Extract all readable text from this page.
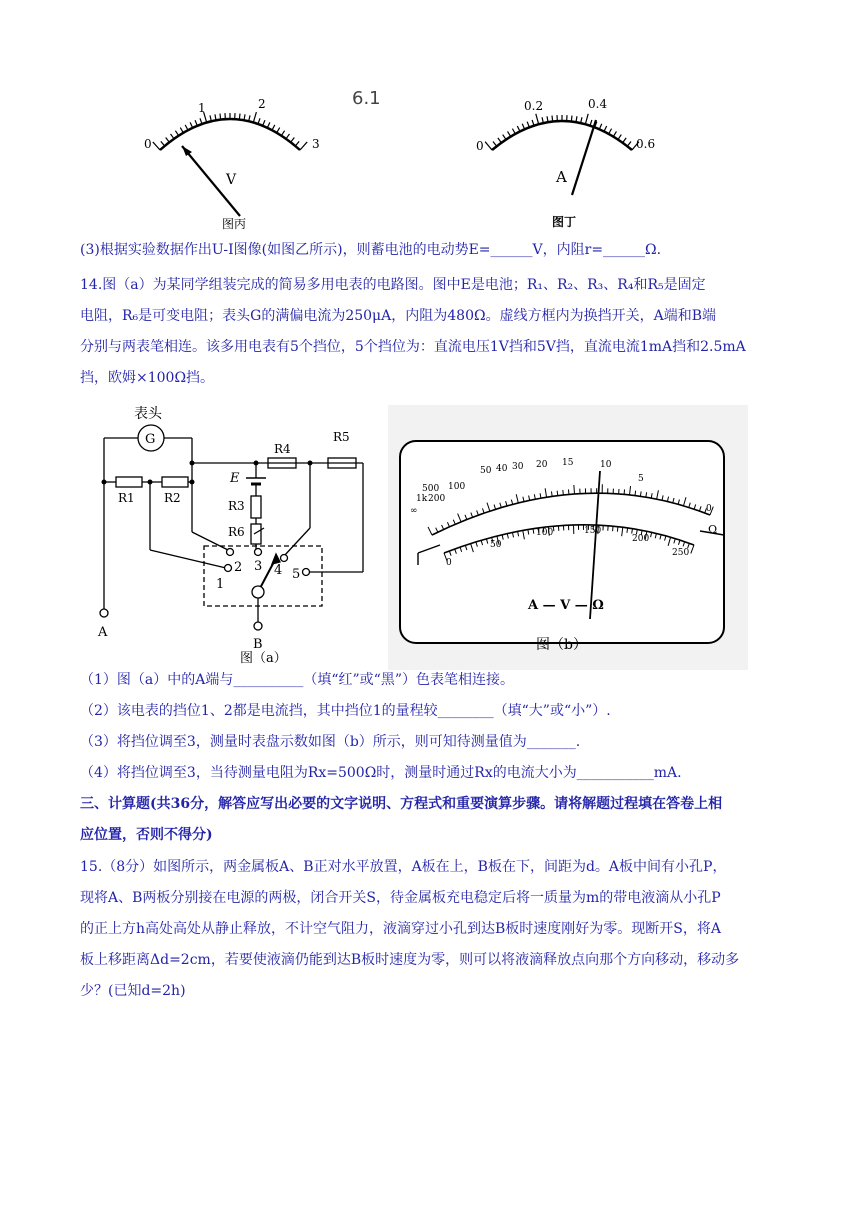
0
1	2
3
V
图丙
6.1
0
0.2	0.4
0.6
A
图丁
(3)根据实验数据作出U-I图像(如图乙所示)，则蓄电池的电动势E=______V，内阻r=______Ω.
14.图（a）为某同学组装完成的简易多用电表的电路图。图中E是电池；R₁、R₂、R₃、R₄和R₅是固定
电阻，R₆是可变电阻；表头G的满偏电流为250μA，内阻为480Ω。虚线方框内为换挡开关，A端和B端
分别与两表笔相连。该多用电表有5个挡位，5个挡位为：直流电压1V挡和5V挡，直流电流1mA挡和2.5mA
挡，欧姆×100Ω挡。
G
表头
R1 R2
R3
R4
R5
R6
E
1
2 3 4 5
A
B
图（a）
∞
1k
500
200
100
50 40 30 20 15	10
5
0
Ω
0
50
100	150
200
250
A — V — Ω
图（b）
（1）图（a）中的A端与__________（填“红”或“黑”）色表笔相连接。
（2）该电表的挡位1、2都是电流挡，其中挡位1的量程较________（填“大”或“小”）.
（3）将挡位调至3，测量时表盘示数如图（b）所示，则可知待测量值为_______.
（4）将挡位调至3，当待测量电阻为Rx=500Ω时，测量时通过Rx的电流大小为___________mA.
三、计算题(共36分，解答应写出必要的文字说明、方程式和重要演算步骤。请将解题过程填在答卷上相
应位置，否则不得分)
15.（8分）如图所示，两金属板A、B正对水平放置，A板在上，B板在下，间距为d。A板中间有小孔P，
现将A、B两板分别接在电源的两极，闭合开关S，待金属板充电稳定后将一质量为m的带电液滴从小孔P
的正上方h高处高处从静止释放，不计空气阻力，液滴穿过小孔到达B板时速度刚好为零。现断开S，将A
板上移距离Δd=2cm，若要使液滴仍能到达B板时速度为零，则可以将液滴释放点向那个方向移动，移动多
少？(已知d=2h)
